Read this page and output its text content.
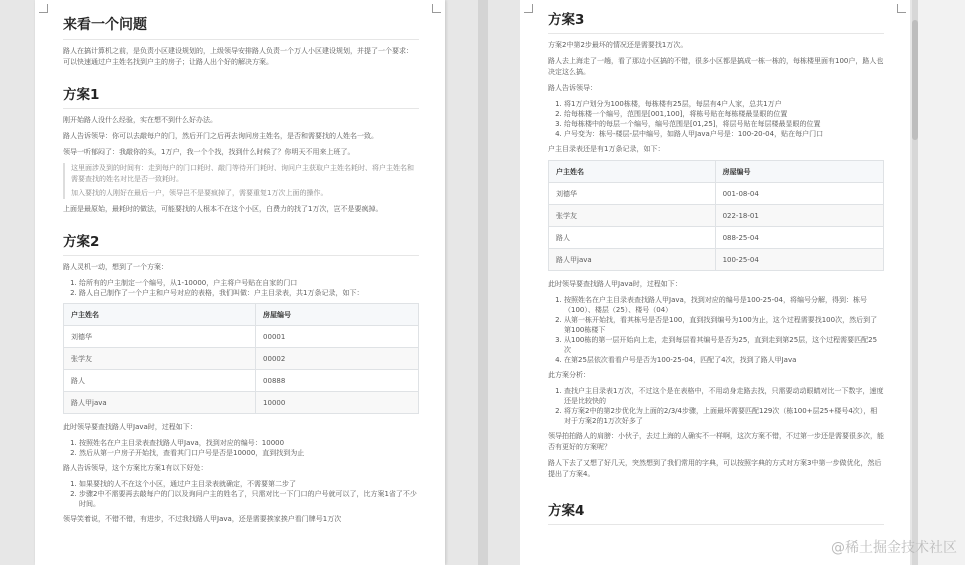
来看一个问题

路人在搞计算机之前，是负责小区建设规划的，上级领导安排路人负责一个万人小区建设规划，并提了一个要求：可以快速通过户主姓名找到户主的房子；让路人出个好的解决方案。

方案1

刚开始路人没什么经验，实在想不到什么好办法。

路人告诉领导：你可以去敲每户的门，然后开门之后再去询问房主姓名，是否和需要找的人姓名一致。

领导一听郁闷了：我敲你的头，1万户，我一个个找，找到什么时候了？你明天不用来上班了。

这里面涉及到的时间有：走到每户的门口耗时、敲门等待开门耗时、询问户主获取户主姓名耗时、将户主姓名和需要查找的姓名对比是否一致耗时。

加入要找的人刚好在最后一户，领导岂不是要疯掉了，需要重复1万次上面的操作。

上面是最原始，最耗时的做法，可能要找的人根本不在这个小区，白费力的找了1万次，岂不是要疯掉。

方案2

路人灵机一动，想到了一个方案：

1. 给所有的户主制定一个编号，从1-10000，户主将户号贴在自家的门口
2. 路人自己制作了一个户主和户号对应的表格，我们叫做：户主目录表，共1万条记录，如下：
户主姓名	房屋编号
刘德华	00001
张学友	00002
路人	00888
路人甲java	10000

此时领导要查找路人甲Java时，过程如下：

1. 按照姓名在户主目录表查找路人甲Java，找到对应的编号：10000
2. 然后从第一户房子开始找，查看其门口户号是否是10000，直到找到为止

路人告诉领导，这个方案比方案1有以下好处：

1. 如果要找的人不在这个小区，通过户主目录表就确定，不需要第二步了
2. 步骤2中不需要再去敲每户的门以及询问户主的姓名了，只需对比一下门口的户号就可以了，比方案1省了不少时间。

领导笑着说，不错不错，有进步，不过我找路人甲Java，还是需要挨家挨户看门牌号1万次

方案3

方案2中第2步最坏的情况还是需要找1万次。

路人去上海走了一趟，看了那边小区搞的不错，很多小区都是搞成一栋一栋的，每栋楼里面有100户，路人也决定这么搞。

路人告诉领导：

1. 将1万户划分为100栋楼，每栋楼有25层，每层有4户人家，总共1万户
2. 给每栋楼一个编号，范围是[001,100]，将栋号贴在每栋楼最显眼的位置
3. 给每栋楼中的每层一个编号，编号范围是[01,25]，将层号贴在每层楼最显眼的位置
4. 户号变为：栋号-楼层-层中编号，如路人甲Java户号是：100-20-04，贴在每户门口

户主目录表还是有1万条记录，如下：

户主姓名	房屋编号
刘德华	001-08-04
张学友	022-18-01
路人	088-25-04
路人甲java	100-25-04

此时领导要查找路人甲Java时，过程如下：

1. 按照姓名在户主目录表查找路人甲Java，找到对应的编号是100-25-04，将编号分解，得到：栋号（100）、楼层（25）、楼号（04）
2. 从第一栋开始找，看其栋号是否是100，直到找到编号为100为止，这个过程需要找100次，然后到了第100栋楼下
3. 从100栋的第一层开始向上走，走到每层看其编号是否为25，直到走到第25层，这个过程需要匹配25次
4. 在第25层依次看看户号是否为100-25-04，匹配了4次，找到了路人甲Java

此方案分析：

1. 查找户主目录表1万次，不过这个是在表格中，不用动身走路去找，只需要动动眼睛对比一下数字，速度还是比较快的
2. 将方案2中的第2步优化为上面的2/3/4步骤，上面最坏需要匹配129次（栋100+层25+楼号4次），相对于方案2的1万次好多了

领导拍拍路人的肩膀：小伙子，去过上海的人确实不一样啊，这次方案不错，不过第一步还是需要很多次，能否有更好的方案呢？

路人下去了又想了好几天，突然想到了我们常用的字典，可以按照字典的方式对方案3中第一步做优化，然后提出了方案4。

方案4
@稀土掘金技术社区
